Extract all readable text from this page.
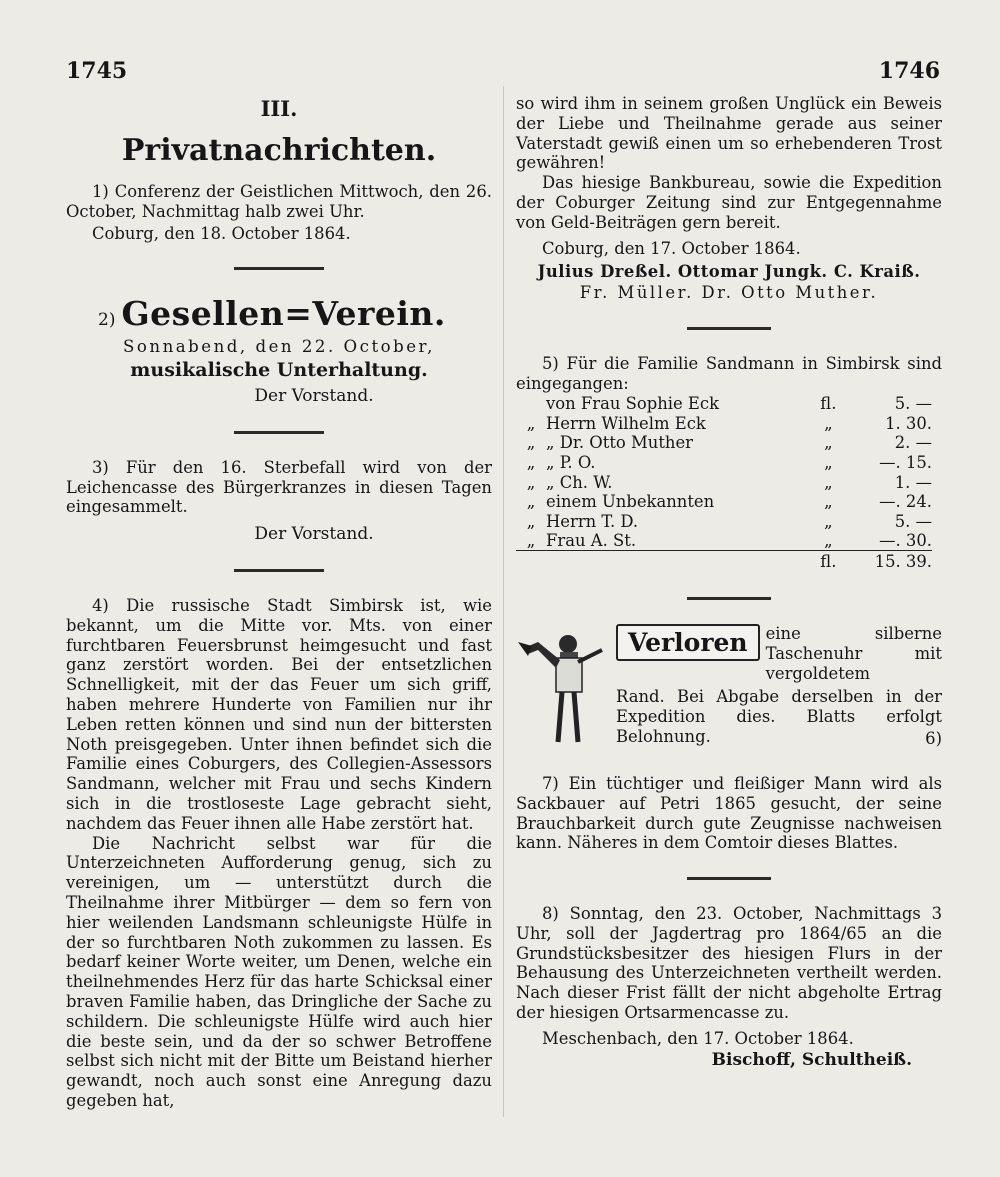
1745	1746
III.
Privatnachrichten.

1) Conferenz der Geistlichen Mittwoch, den 26. October, Nachmittag halb zwei Uhr.

Coburg, den 18. October 1864.

2) Gesellen=Verein.

Sonnabend, den 22. October,

musikalische Unterhaltung.

Der Vorstand.

3) Für den 16. Sterbefall wird von der Leichencasse des Bürgerkranzes in diesen Tagen eingesammelt.

Der Vorstand.

4) Die russische Stadt Simbirsk ist, wie bekannt, um die Mitte vor. Mts. von einer furchtbaren Feuersbrunst heimgesucht und fast ganz zerstört worden. Bei der entsetzlichen Schnelligkeit, mit der das Feuer um sich griff, haben mehrere Hunderte von Familien nur ihr Leben retten können und sind nun der bittersten Noth preisgegeben. Unter ihnen befindet sich die Familie eines Coburgers, des Collegien-Assessors Sandmann, welcher mit Frau und sechs Kindern sich in die trostloseste Lage gebracht sieht, nachdem das Feuer ihnen alle Habe zerstört hat.

Die Nachricht selbst war für die Unterzeichneten Aufforderung genug, sich zu vereinigen, um — unterstützt durch die Theilnahme ihrer Mitbürger — dem so fern von hier weilenden Landsmann schleunigste Hülfe in der so furchtbaren Noth zukommen zu lassen. Es bedarf keiner Worte weiter, um Denen, welche ein theilnehmendes Herz für das harte Schicksal einer braven Familie haben, das Dringliche der Sache zu schildern. Die schleunigste Hülfe wird auch hier die beste sein, und da der so schwer Betroffene selbst sich nicht mit der Bitte um Beistand hierher gewandt, noch auch sonst eine Anregung dazu gegeben hat,

so wird ihm in seinem großen Unglück ein Beweis der Liebe und Theilnahme gerade aus seiner Vaterstadt gewiß einen um so erhebenderen Trost gewähren!

Das hiesige Bankbureau, sowie die Expedition der Coburger Zeitung sind zur Entgegennahme von Geld-Beiträgen gern bereit.

Coburg, den 17. October 1864.

Julius Dreßel. Ottomar Jungk. C. Kraiß.

Fr. Müller. Dr. Otto Muther.

5) Für die Familie Sandmann in Simbirsk sind eingegangen:

	von Frau Sophie Eck	fl.	5. —
„	Herrn Wilhelm Eck	„	1. 30.
„	„ Dr. Otto Muther	„	2. —
„	„ P. O.	„	—. 15.
„	„ Ch. W.	„	1. —
„	einem Unbekannten	„	—. 24.
„	Herrn T. D.	„	5. —
„	Frau A. St.	„	—. 30.
		fl.	15. 39.
Verloren	eine silberne Taschenuhr mit vergoldetem

Rand. Bei Abgabe derselben in der Expedition dies. Blatts erfolgt Belohnung.	6)

7) Ein tüchtiger und fleißiger Mann wird als Sackbauer auf Petri 1865 gesucht, der seine Brauchbarkeit durch gute Zeugnisse nachweisen kann. Näheres in dem Comtoir dieses Blattes.

8) Sonntag, den 23. October, Nachmittags 3 Uhr, soll der Jagdertrag pro 1864/65 an die Grundstücksbesitzer des hiesigen Flurs in der Behausung des Unterzeichneten vertheilt werden. Nach dieser Frist fällt der nicht abgeholte Ertrag der hiesigen Ortsarmencasse zu.

Meschenbach, den 17. October 1864.

Bischoff, Schultheiß.
